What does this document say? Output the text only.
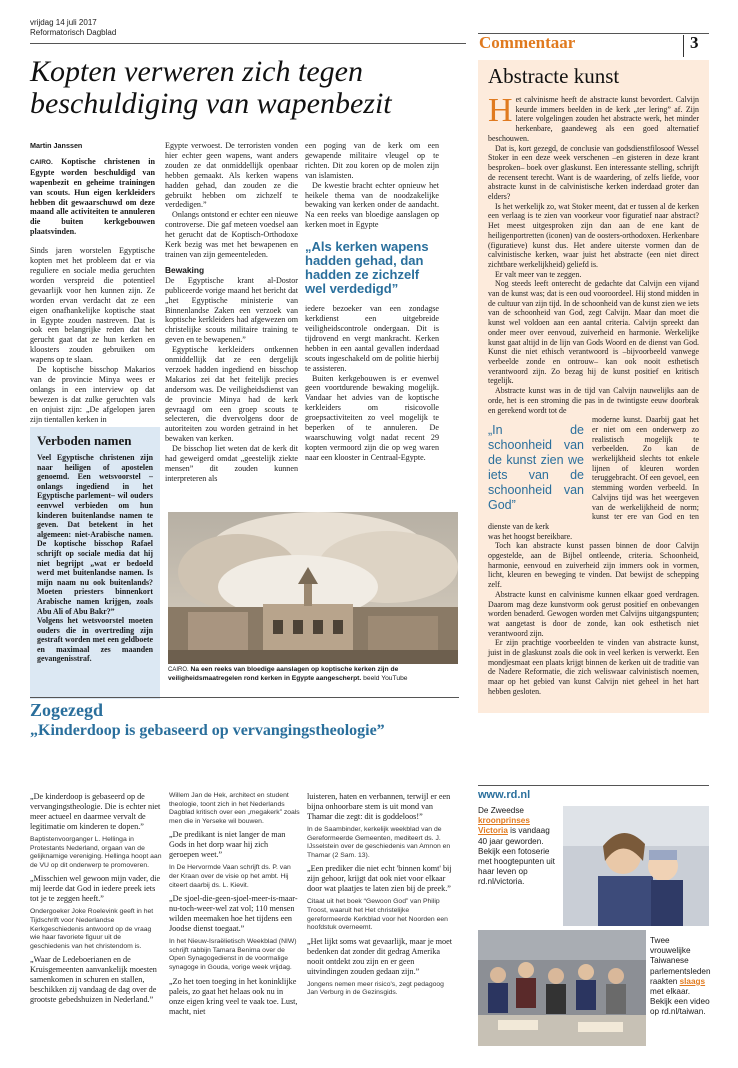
vrijdag 14 juli 2017
Reformatorisch Dagblad
Kopten verweren zich tegen
beschuldiging van wapenbezit

Martin Janssen

CAIRO. Koptische christenen in Egypte worden beschuldigd van wapenbezit en geheime trainingen van scouts. Hun eigen kerkleiders hebben dit gewaarschuwd om deze maand alle activiteiten te annuleren die buiten kerkgebouwen plaatsvinden.

Sinds jaren worstelen Egyptische kopten met het probleem dat er via reguliere en sociale media geruchten worden verspreid die potentieel gevaarlijk voor hen kunnen zijn. Ze worden ervan verdacht dat ze een eigen onafhankelijke koptische staat in Egypte zouden nastreven. Dat is ook een belangrijke reden dat het gerucht gaat dat ze hun kerken en kloosters zouden gebruiken om wapens op te slaan.

De koptische bisschop Makarios van de provincie Minya wees er onlangs in een interview op dat bewezen is dat zulke geruchten vals en onjuist zijn: „De afgelopen jaren zijn tientallen kerken in

Verboden namen

Veel Egyptische christenen zijn naar heiligen of apostelen genoemd. Een wetsvoorstel –onlangs ingediend in het Egyptische parlement– wil ouders eenvwel verbieden om hun kinderen buitenlandse namen te geven. Dat betekent in het algemeen: niet-Arabische namen. De koptische bisschop Rafael schrijft op sociale media dat hij niet begrijpt „wat er bedoeld werd met buitenlandse namen. Is mijn naam nu ook buitenlands? Moeten priesters binnenkort Arabische namen krijgen, zoals Abu Ali of Abu Bakr?”

Volgens het wetsvoorstel moeten ouders die in overtreding zijn gestraft worden met een geldboete en maximaal zes maanden gevangenisstraf.

Egypte verwoest. De terroristen vonden hier echter geen wapens, want anders zouden ze dat onmiddellijk openbaar hebben gemaakt. Als kerken wapens hadden gehad, dan zouden ze die gebruikt hebben om zichzelf te verdedigen.”

Onlangs ontstond er echter een nieuwe controverse. Die gaf meteen voedsel aan het gerucht dat de Koptisch-Orthodoxe Kerk bezig was met het bewapenen en trainen van zijn gemeenteleden.

Bewaking

De Egyptische krant al-Dostor publiceerde vorige maand het bericht dat „het Egyptische ministerie van Binnenlandse Zaken een verzoek van koptische kerkleiders had afgewezen om christelijke scouts militaire training te geven en te bewapenen.”

Egyptische kerkleiders ontkennen onmiddellijk dat ze een dergelijk verzoek hadden ingediend en bisschop Makarios zei dat het feitelijk precies andersom was. De veiligheidsdienst van de provincie Minya had de kerk gevraagd om een groep scouts te selecteren, die dvervolgens door de autoriteiten zou worden getraind in het bewaken van kerken.

De bisschop liet weten dat de kerk dit had geweigerd omdat „geestelijk ziekte mensen” dit zouden kunnen interpreteren als

een poging van de kerk om een gewapende militaire vleugel op te richten. Dit zou koren op de molen zijn van islamisten.

De kwestie bracht echter opnieuw het heikele thema van de noodzakelijke bewaking van kerken onder de aandacht. Na een reeks van bloedige aanslagen op kerken moet in Egypte

„Als kerken wapens hadden gehad, dan hadden ze zichzelf wel verdedigd”

iedere bezoeker van een zondagse kerkdienst een uitgebreide veiligheidscontrole ondergaan. Dit is tijdrovend en vergt mankracht. Kerken hebben in een aantal gevallen inderdaad scouts ingeschakeld om de politie hierbij te assisteren.

Buiten kerkgebouwen is er evenwel geen voortdurende bewaking mogelijk. Vandaar het advies van de koptische kerkleiders om risicovolle groepsactiviteiten zo veel mogelijk te beperken of te annuleren. De waarschuwing volgt nadat recent 29 kopten vermoord zijn die op weg waren naar een klooster in Centraal-Egypte.

CAIRO. Na een reeks van bloedige aanslagen op koptische kerken zijn de veiligheidsmaatregelen rond kerken in Egypte aangescherpt. beeld YouTube
Commentaar	3
Abstracte kunst

Het calvinisme heeft de abstracte kunst bevordert. Calvijn keurde immers beelden in de kerk „ter lering” af. Zijn latere volgelingen zouden het abstracte werk, het minder herkenbare, gaandeweg als een goed alternatief beschouwen.

Dat is, kort gezegd, de conclusie van godsdienstfilosoof Wessel Stoker in een deze week verschenen –en gisteren in deze krant besproken– boek over glaskunst. Een interessante stelling, schrijft de recensent terecht. Want is de waardering, of zelfs liefde, voor abstracte kunst in de calvinistische kerken inderdaad groter dan elders?

Is het werkelijk zo, wat Stoker meent, dat er tussen al de kerken een verlaag is te zien van voorkeur voor figuratief naar abstract? Het meest uitgesproken zijn dan aan de ene kant de heiligenportretten (iconen) van de oosters-orthodoxen. Herkenbare (figuratieve) kunst dus. Het andere uiterste vormen dan de calvinistische kerken, waar juist het abstracte (een niet direct zichtbare werkelijkheid) geliefd is.

Er valt meer van te zeggen.

Nog steeds leeft onterecht de gedachte dat Calvijn een vijand van de kunst was; dat is een oud vooroordeel. Hij stond midden in de cultuur van zijn tijd. In de schoonheid van de kunst zien we iets van de schoonheid van God, zegt Calvijn. Maar dan moet die kunst wel voldoen aan een aantal criteria. Calvijn spreekt dan onder meer over eenvoud, zuiverheid en harmonie. Werkelijke kunst gaat altijd in de lijn van Gods Woord en de dienst van God. Kunst die niet ethisch verantwoord is –bijvoorbeeld vanwege verbeelde zonde en ontrouw– kan ook nooit esthetisch verantwoord zijn. Zo bezag hij de kunst positief en kritisch tegelijk.

Abstracte kunst was in de tijd van Calvijn nauwelijks aan de orde, het is een stroming die pas in de twintigste eeuw doorbrak en gerekend wordt tot de

„In de schoonheid van de kunst zien we iets van de schoonheid van God”

moderne kunst. Daarbij gaat het er niet om een onderwerp zo realistisch mogelijk te verbeelden. Zo kan de werkelijkheid slechts tot enkele lijnen of kleuren worden teruggebracht. Of een gevoel, een stemming worden verbeeld. In Calvijns tijd was het weergeven van de werkelijkheid de norm; kunst ter ere van God en ten dienste van de kerk

was het hoogst bereikbare.

Toch kan abstracte kunst passen binnen de door Calvijn opgestelde, aan de Bijbel ontleende, criteria. Schoonheid, harmonie, eenvoud en zuiverheid zijn immers ook in vormen, licht, kleuren en beweging te vinden. Dat bewijst de schepping zelf.

Abstracte kunst en calvinisme kunnen elkaar goed verdragen. Daarom mag deze kunstvorm ook gerust positief en onbevangen worden benaderd. Gewogen worden met Calvijns uitgangspunten; wat aangetast is door de zonde, kan ook esthetisch niet verantwoord zijn.

Er zijn prachtige voorbeelden te vinden van abstracte kunst, juist in de glaskunst zoals die ook in veel kerken is verwerkt. Een mondjesmaat een plaats krijgt binnen de kerken uit de traditie van de Nadere Reformatie, die zich weliswaar calvinistisch noemen, maar op het gebied van kunst Calvijn niet geheel in het hart hebben gesloten.

Zogezegd
„Kinderdoop is gebaseerd op vervangingstheologie”

„De kinderdoop is gebaseerd op de vervangingstheologie. Die is echter niet meer actueel en daarmee vervalt de legitimatie om kinderen te dopen.”

Baptistenvoorganger L. Hellinga in Protestants Nederland, orgaan van de gelijknamige vereniging. Hellinga hoopt aan de VU op dit onderwerp te promoveren.

„Misschien wel gewoon mijn vader, die mij leerde dat God in iedere preek iets tot je te zeggen heeft.”

Ondergoeker Joke Roelevink geeft in het Tijdschrift voor Nederlandse Kerkgeschiedenis antwoord op de vraag wie haar favoriete figuur uit de geschiedenis van het christendom is.

„Waar de Ledeboerianen en de Kruisgemeenten aanvankelijk moesten samenkomen in schuren en stallen, beschikken zij vandaag de dag over de grootste gebedshuizen in Nederland.”

Willem Jan de Hek, architect en student theologie, toont zich in het Nederlands Dagblad kritisch over een „megakerk” zoals men die in Yerseke wil bouwen.

„De predikant is niet langer de man Gods in het dorp waar hij zich geroepen weet.”

In De Hervormde Vaan schrijft ds. P. van der Kraan over de visie op het ambt. Hij citeert daarbij ds. L. Kievit.

„De sjoel-die-geen-sjoel-meer-is-maar-nu-toch-weer-wel zat vol; 110 mensen wilden meemaken hoe het tijdens een Joodse dienst toegaat.”

In het Nieuw-Israëlietisch Weekblad (NIW) schrijft rabbijn Tamara Benima over de Open Synagogedienst in de voormalige synagoge in Gouda, vorige week vrijdag.

„Zo het toen toeging in het koninklijke paleis, zo gaat het helaas ook nu in onze eigen kring veel te vaak toe. Lust, macht, niet

luisteren, haten en verbannen, terwijl er een bijna onhoorbare stem is uit mond van Thamar die zegt: dit is goddeloos!”

In de Saambinder, kerkelijk weekblad van de Gereformeerde Gemeenten, mediteert ds. J. IJsselstein over de geschiedenis van Amnon en Thamar (2 Sam. 13).

„Een prediker die niet echt 'binnen komt' bij zijn gehoor, krijgt dat ook niet voor elkaar door wat plaatjes te laten zien bij de preek.”

Citaat uit het boek “Gewoon God” van Philip Troost, waaruit het Het christelijke gereformeerde Kerkblad voor het Noorden een hoofdstuk overneemt.

„Het lijkt soms wat gevaarlijk, maar je moet bedenken dat zonder dit gedrag Amerika nooit ontdekt zou zijn en er geen uitvindingen zouden gedaan zijn.”

Jongens nemen meer risico's, zegt pedagoog Jan Verburg in de Gezinsgids.

www.rd.nl
De Zweedse kroonprinses Victoria is vandaag 40 jaar geworden. Bekijk een fotoserie met hoogtepunten uit haar leven op rd.nl/victoria.
Twee vrouwelijke Taiwanese parlementsleden raakten slaags met elkaar. Bekijk een video op rd.nl/taiwan.
